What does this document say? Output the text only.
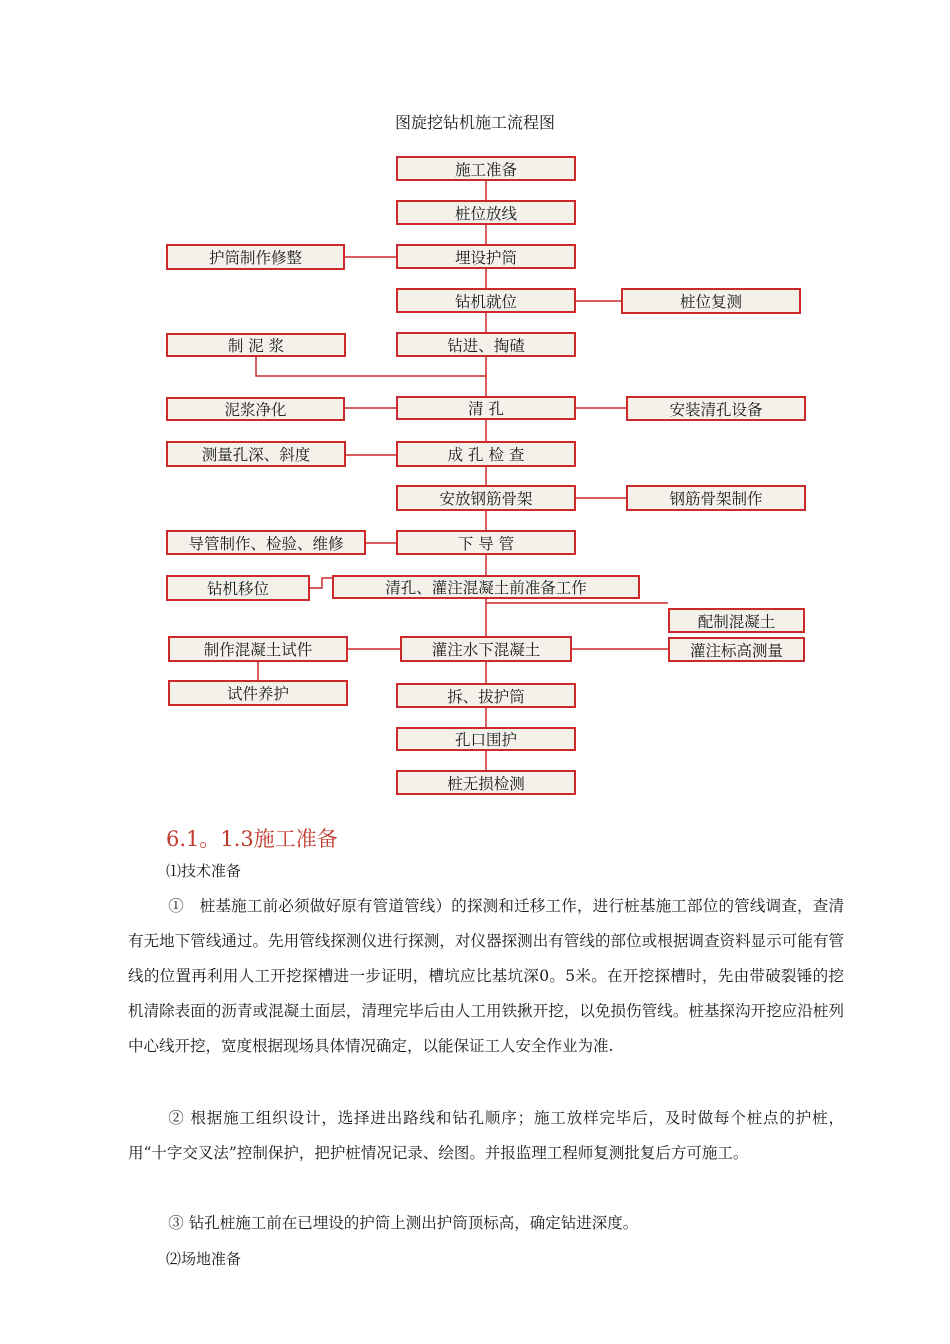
图旋挖钻机施工流程图
施工准备
桩位放线
埋设护筒
钻机就位
钻进、掏碴
清 孔
成 孔 检 查
安放钢筋骨架
下 导 管
清孔、灌注混凝土前准备工作
灌注水下混凝土
拆、拔护筒
孔口围护
桩无损检测
护筒制作修整
制 泥 浆
泥浆净化
测量孔深、斜度
导管制作、检验、维修
钻机移位
制作混凝土试件
试件养护
桩位复测
安装清孔设备
钢筋骨架制作
配制混凝土
灌注标高测量
6.1。1.3施工准备
⑴技术准备

①　桩基施工前必须做好原有管道管线）的探测和迁移工作，进行桩基施工部位的管线调查，查清有无地下管线通过。先用管线探测仪进行探测，对仪器探测出有管线的部位或根据调查资料显示可能有管线的位置再利用人工开挖探槽进一步证明，槽坑应比基坑深0。5米。在开挖探槽时，先由带破裂锤的挖机清除表面的沥青或混凝土面层，清理完毕后由人工用铁揪开挖，以免损伤管线。桩基探沟开挖应沿桩列中心线开挖，宽度根据现场具体情况确定，以能保证工人安全作业为准.

② 根据施工组织设计，选择进出路线和钻孔顺序；施工放样完毕后，及时做每个桩点的护桩，用“十字交叉法”控制保护，把护桩情况记录、绘图。并报监理工程师复测批复后方可施工。

③ 钻孔桩施工前在已埋设的护筒上测出护筒顶标高，确定钻进深度。

⑵场地准备
